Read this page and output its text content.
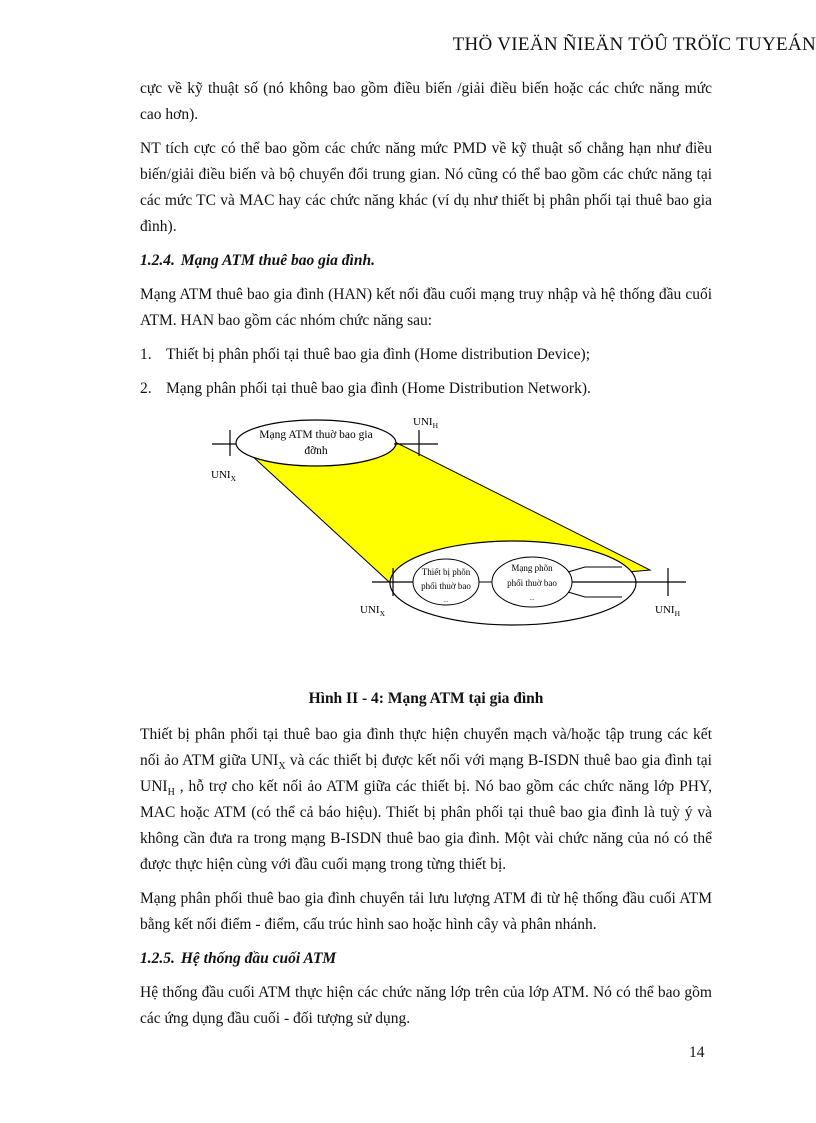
THÖ VIEÄN ÑIEÄN TÖÛ TRÖÏC TUYEÁN

cực về kỹ thuật số (nó không bao gồm điều biến /giải điều biến hoặc các chức năng mức cao hơn).

NT tích cực có thể bao gồm các chức năng mức PMD về kỹ thuật số chẳng hạn như điều biến/giải điều biến và bộ chuyển đổi trung gian. Nó cũng có thể bao gồm các chức năng tại các mức TC và MAC hay các chức năng khác (ví dụ như thiết bị phân phối tại thuê bao gia đình).

1.2.4. Mạng ATM thuê bao gia đình.

Mạng ATM thuê bao gia đình (HAN) kết nối đầu cuối mạng truy nhập và hệ thống đầu cuối ATM. HAN bao gồm các nhóm chức năng sau:

1. Thiết bị phân phối tại thuê bao gia đình (Home distribution Device);
2. Mạng phân phối tại thuê bao gia đình (Home Distribution Network).
Mạng ATM thuờ bao gia
đỡnh
$UNI_X$
$UNI_H$
Thiết bị phõn
phối thuờ bao
...
Mạng phõn
phối thuờ bao
...
$UNI_X$	$UNI_H$
Hình II - 4: Mạng ATM tại gia đình

Thiết bị phân phối tại thuê bao gia đình thực hiện chuyển mạch và/hoặc tập trung các kết nối ảo ATM giữa $UNI_X$ và các thiết bị được kết nối với mạng B-ISDN thuê bao gia đình tại $UNI_H$ , hỗ trợ cho kết nối ảo ATM giữa các thiết bị. Nó bao gồm các chức năng lớp PHY, MAC hoặc ATM (có thể cả báo hiệu). Thiết bị phân phối tại thuê bao gia đình là tuỳ ý và không cần đưa ra trong mạng B-ISDN thuê bao gia đình. Một vài chức năng của nó có thể được thực hiện cùng với đầu cuối mạng trong từng thiết bị.

Mạng phân phối thuê bao gia đình chuyển tải lưu lượng ATM đi từ hệ thống đầu cuối ATM bằng kết nối điểm - điểm, cấu trúc hình sao hoặc hình cây và phân nhánh.

1.2.5. Hệ thống đầu cuối ATM

Hệ thống đầu cuối ATM thực hiện các chức năng lớp trên của lớp ATM. Nó có thể bao gồm các ứng dụng đầu cuối - đối tượng sử dụng.

14
